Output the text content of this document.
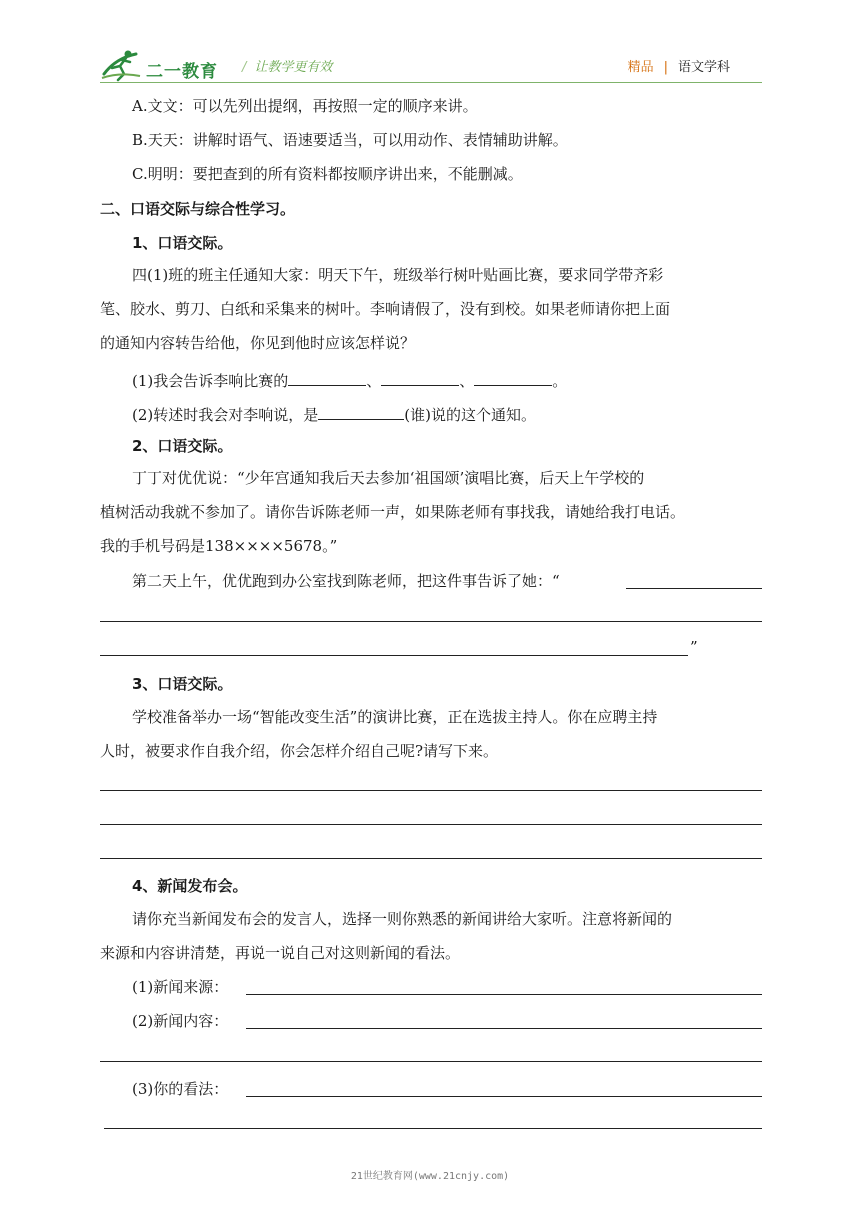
二一教育 / 让教学更有效	精品 | 语文学科
A.文文：可以先列出提纲，再按照一定的顺序来讲。
B.天天：讲解时语气、语速要适当，可以用动作、表情辅助讲解。
C.明明：要把查到的所有资料都按顺序讲出来，不能删减。
二、口语交际与综合性学习。
1、口语交际。
四(1)班的班主任通知大家：明天下午，班级举行树叶贴画比赛，要求同学带齐彩
笔、胶水、剪刀、白纸和采集来的树叶。李响请假了，没有到校。如果老师请你把上面
的通知内容转告给他，你见到他时应该怎样说？
(1)我会告诉李响比赛的	、	、	。
(2)转述时我会对李响说，是	(谁)说的这个通知。
2、口语交际。
丁丁对优优说：“少年宫通知我后天去参加‘祖国颂’演唱比赛，后天上午学校的
植树活动我就不参加了。请你告诉陈老师一声，如果陈老师有事找我，请她给我打电话。
我的手机号码是138××××5678。”
第二天上午，优优跑到办公室找到陈老师，把这件事告诉了她：“
”
3、口语交际。
学校准备举办一场“智能改变生活”的演讲比赛，正在选拔主持人。你在应聘主持
人时，被要求作自我介绍，你会怎样介绍自己呢?请写下来。
4、新闻发布会。
请你充当新闻发布会的发言人，选择一则你熟悉的新闻讲给大家听。注意将新闻的
来源和内容讲清楚，再说一说自己对这则新闻的看法。
(1)新闻来源：
(2)新闻内容：
(3)你的看法：
21世纪教育网(www.21cnjy.com)
